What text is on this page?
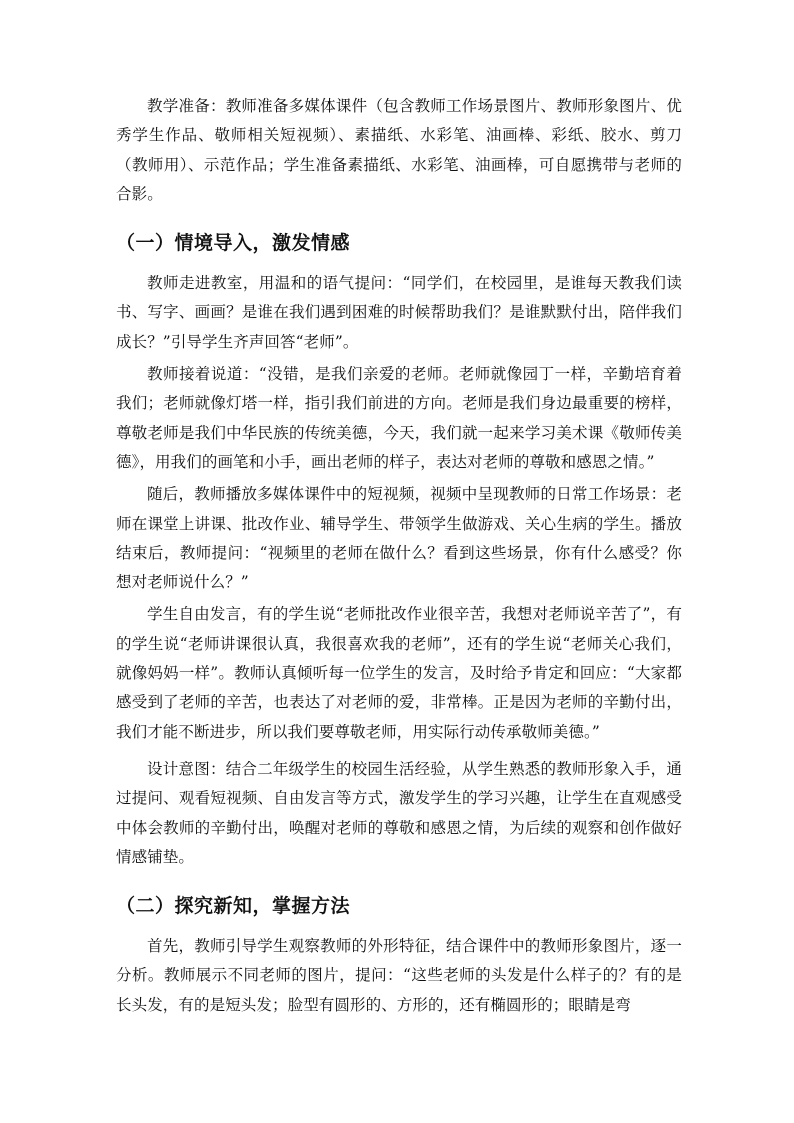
教学准备：教师准备多媒体课件（包含教师工作场景图片、教师形象图片、优秀学生作品、敬师相关短视频）、素描纸、水彩笔、油画棒、彩纸、胶水、剪刀（教师用）、示范作品；学生准备素描纸、水彩笔、油画棒，可自愿携带与老师的合影。

（一）情境导入，激发情感

教师走进教室，用温和的语气提问：“同学们，在校园里，是谁每天教我们读书、写字、画画？是谁在我们遇到困难的时候帮助我们？是谁默默付出，陪伴我们成长？”引导学生齐声回答“老师”。

教师接着说道：“没错，是我们亲爱的老师。老师就像园丁一样，辛勤培育着我们；老师就像灯塔一样，指引我们前进的方向。老师是我们身边最重要的榜样，尊敬老师是我们中华民族的传统美德，今天，我们就一起来学习美术课《敬师传美德》，用我们的画笔和小手，画出老师的样子，表达对老师的尊敬和感恩之情。”

随后，教师播放多媒体课件中的短视频，视频中呈现教师的日常工作场景：老师在课堂上讲课、批改作业、辅导学生、带领学生做游戏、关心生病的学生。播放结束后，教师提问：“视频里的老师在做什么？看到这些场景，你有什么感受？你想对老师说什么？”

学生自由发言，有的学生说“老师批改作业很辛苦，我想对老师说辛苦了”，有的学生说“老师讲课很认真，我很喜欢我的老师”，还有的学生说“老师关心我们，就像妈妈一样”。教师认真倾听每一位学生的发言，及时给予肯定和回应：“大家都感受到了老师的辛苦，也表达了对老师的爱，非常棒。正是因为老师的辛勤付出，我们才能不断进步，所以我们要尊敬老师，用实际行动传承敬师美德。”

设计意图：结合二年级学生的校园生活经验，从学生熟悉的教师形象入手，通过提问、观看短视频、自由发言等方式，激发学生的学习兴趣，让学生在直观感受中体会教师的辛勤付出，唤醒对老师的尊敬和感恩之情，为后续的观察和创作做好情感铺垫。

（二）探究新知，掌握方法

首先，教师引导学生观察教师的外形特征，结合课件中的教师形象图片，逐一分析。教师展示不同老师的图片，提问：“这些老师的头发是什么样子的？有的是长头发，有的是短头发；脸型有圆形的、方形的，还有椭圆形的；眼睛是弯
